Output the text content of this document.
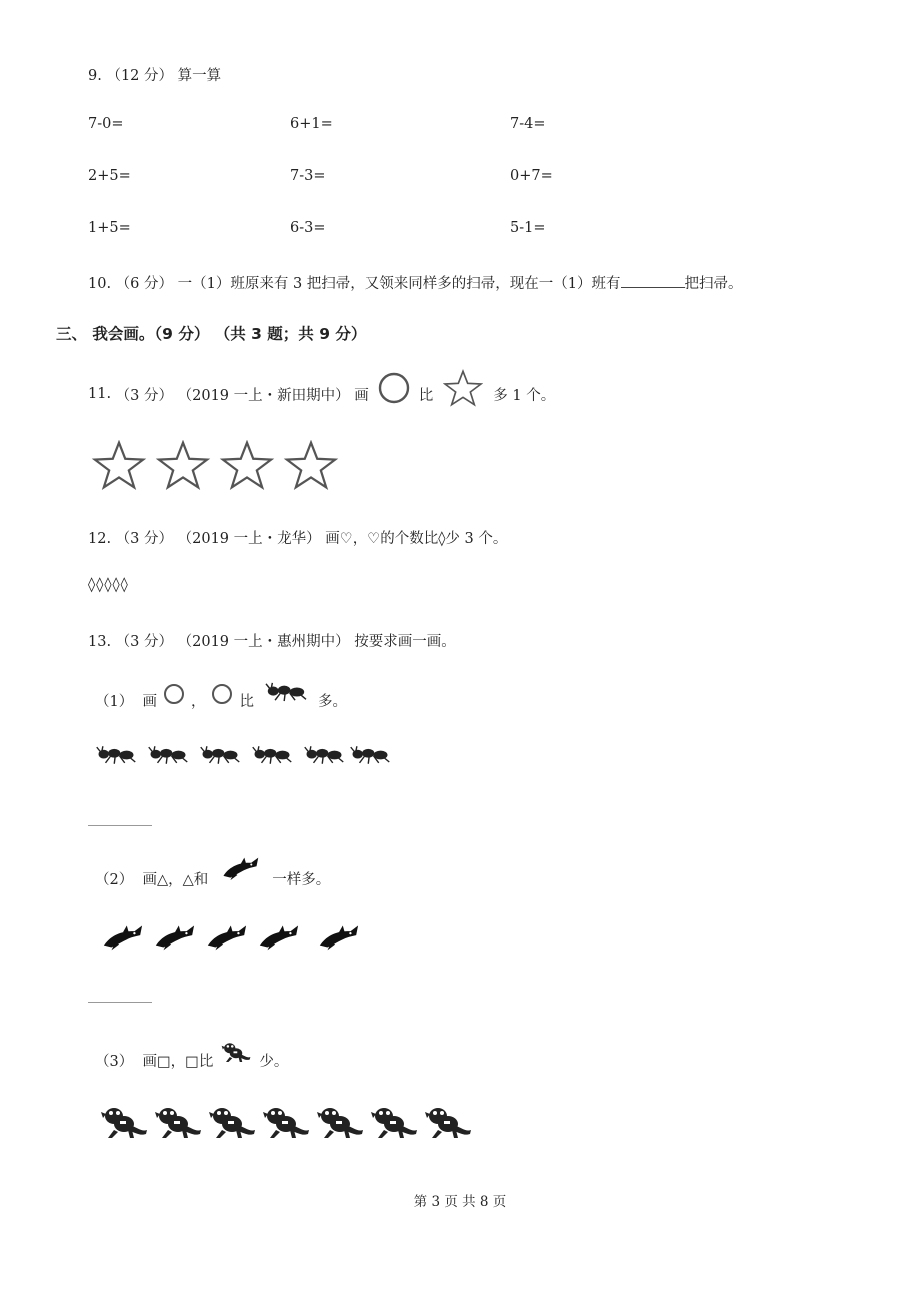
9. （12 分） 算一算
7-0=	6+1=	7-4=
2+5=	7-3=	0+7=
1+5=	6-3=	5-1=
10. （6 分） 一（1）班原来有 3 把扫帚，又领来同样多的扫帚，现在一（1）班有	把扫帚。
三、 我会画。（9 分） （共 3 题；共 9 分）
11.
（3 分）
（2019 一上・新田期中）
画	比	多 1 个。
12. （3 分） （2019 一上・龙华） 画♡，♡的个数比◊少 3 个。
◊◊◊◊◊
13. （3 分） （2019 一上・惠州期中） 按要求画一画。
（1）
画 ， 比	多。
（2）
画△，△和	一样多。
（3）
画□，□比	少。
第 3 页 共 8 页
